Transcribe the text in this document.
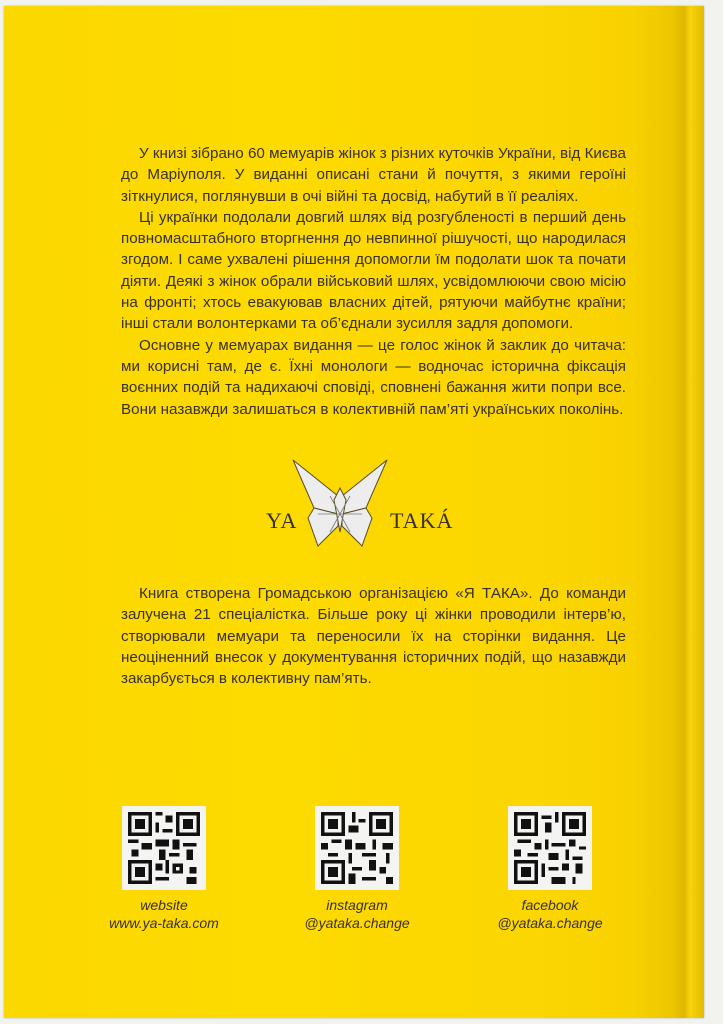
У книзі зібрано 60 мемуарів жінок з різних куточків України, від Києва до Маріуполя. У виданні описані стани й почуття, з якими героїні зіткнулися, поглянувши в очі війні та досвід, набутий в її реаліях.

Ці українки подолали довгий шлях від розгубленості в перший день повномасштабного вторгнення до невпинної рішучості, що народилася згодом. І саме ухвалені рішення допомогли їм подолати шок та почати діяти. Деякі з жінок обрали військовий шлях, усвідомлюючи свою місію на фронті; хтось евакуював власних дітей, рятуючи майбутнє країни; інші стали волонтерками та об’єднали зусилля задля допомоги.

Основне у мемуарах видання — це голос жінок й заклик до читача: ми корисні там, де є. Їхні монологи — водночас історична фіксація воєнних подій та надихаючі сповіді, сповнені бажання жити попри все. Вони назавжди залишаться в колективній пам’яті українських поколінь.

YA	TAKÁ

Книга створена Громадською організацією «Я ТАКА». До команди залучена 21 спеціалістка. Більше року ці жінки проводили інтерв’ю, створювали мемуари та переносили їх на сторінки видання. Це неоціненний внесок у документування історичних подій, що назавжди закарбується в колективну пам’ять.

website
www.ya-taka.com
instagram
@yataka.change
facebook
@yataka.change
